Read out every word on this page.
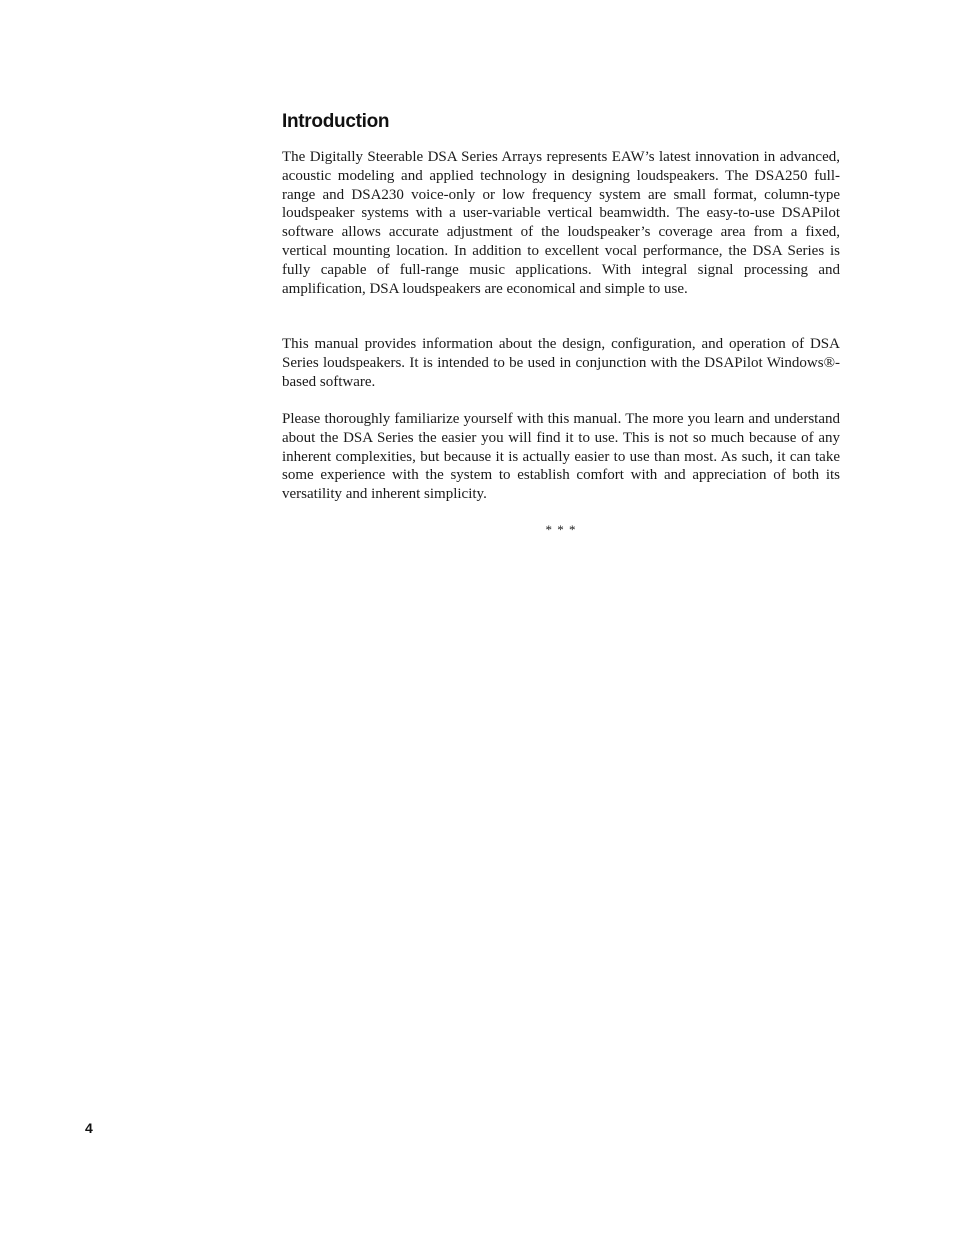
Introduction

The Digitally Steerable DSA Series Arrays represents EAW’s latest innovation in advanced, acoustic modeling and applied technology in designing loudspeakers. The DSA250 full-range and DSA230 voice-only or low frequency system are small format, column-type loudspeaker systems with a user-variable vertical beamwidth. The easy-to-use DSAPilot software allows accurate adjustment of the loudspeaker’s coverage area from a fixed, vertical mounting location. In addition to excellent vocal performance, the DSA Series is fully capable of full-range music applications. With integral signal processing and amplification, DSA loudspeakers are economical and simple to use.

This manual provides information about the design, configuration, and operation of DSA Series loudspeakers. It is intended to be used in conjunction with the DSAPilot Windows®-based software.

Please thoroughly familiarize yourself with this manual. The more you learn and understand about the DSA Series the easier you will find it to use. This is not so much because of any inherent complexities, but because it is actually easier to use than most. As such, it can take some experience with the system to establish comfort with and appreciation of both its versatility and inherent simplicity.

* * *
4
